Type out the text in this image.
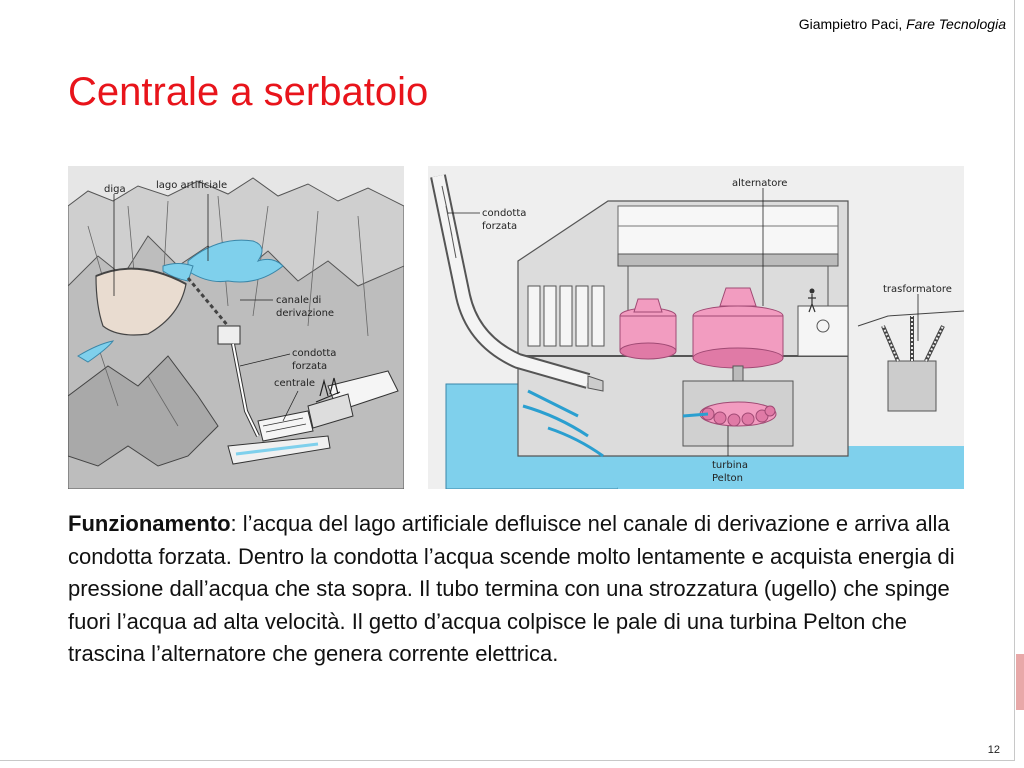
Giampietro Paci, Fare Tecnologia
Centrale a serbatoio
diga	lago artificiale
canale di
derivazione
condotta
forzata
centrale
condotta
forzata
alternatore
trasformatore
turbina
Pelton

Funzionamento: l’acqua del lago artificiale defluisce nel canale di derivazione e arriva alla condotta forzata. Dentro la condotta l’acqua scende molto lentamente e acquista energia di pressione dall’acqua che sta sopra. Il tubo termina con una strozzatura (ugello) che spinge fuori l’acqua ad alta velocità. Il getto d’acqua colpisce le pale di una turbina Pelton che trascina l’alternatore che genera corrente elettrica.

12
